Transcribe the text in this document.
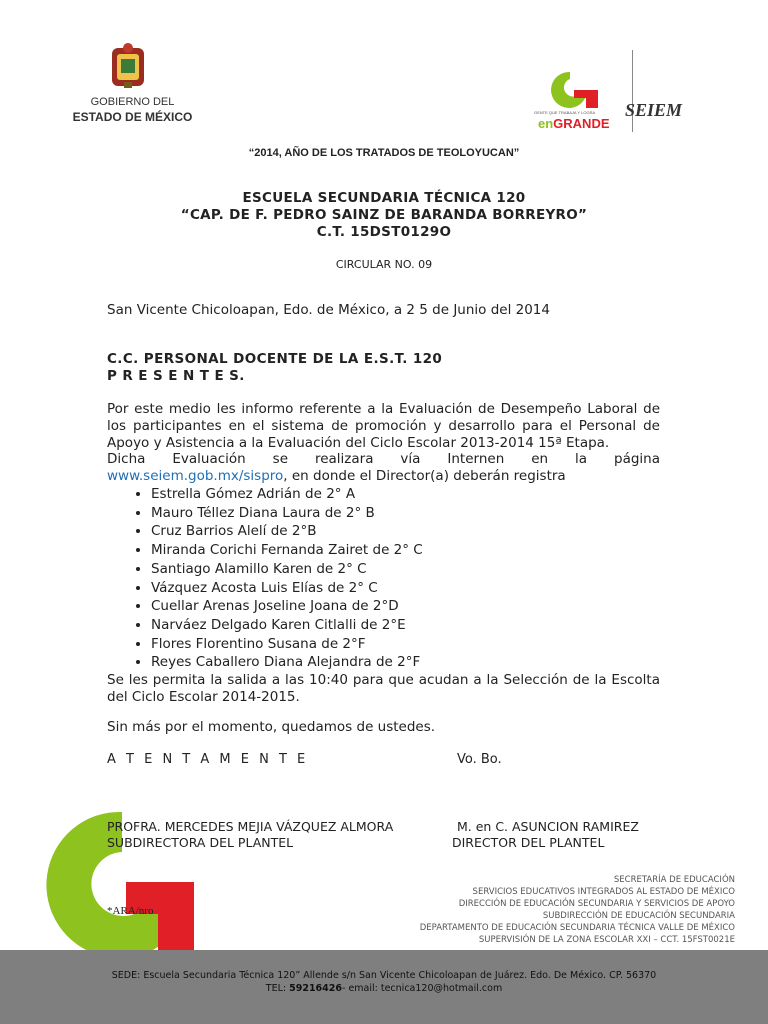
GOBIERNO DEL
ESTADO DE MÉXICO	GENTE QUE TRABAJA Y LOGRA
enGRANDE
SEIEM
“2014, AÑO DE LOS TRATADOS DE TEOLOYUCAN”
ESCUELA SECUNDARIA TÉCNICA 120
“CAP. DE F. PEDRO SAINZ DE BARANDA BORREYRO”
C.T. 15DST0129O
CIRCULAR NO. 09
San Vicente Chicoloapan, Edo. de México, a 2 5 de Junio del 2014
C.C. PERSONAL DOCENTE DE LA E.S.T. 120
P R E S E N T E S.

Por este medio les informo referente a la Evaluación de Desempeño Laboral de los participantes en el sistema de promoción y desarrollo para el Personal de Apoyo y Asistencia a la Evaluación del Ciclo Escolar 2013-2014 15ª Etapa.

Dicha Evaluación se realizara vía Internen en la página

www.seiem.gob.mx/sispro, en donde el Director(a) deberán registra

• Estrella Gómez Adrián de 2° A
• Mauro Téllez Diana Laura de 2° B
• Cruz Barrios Alelí de 2°B
• Miranda Corichi Fernanda Zairet de 2° C
• Santiago Alamillo Karen de 2° C
• Vázquez Acosta Luis Elías de 2° C
• Cuellar Arenas Joseline Joana de 2°D
• Narváez Delgado Karen Citlalli de 2°E
• Flores Florentino Susana de 2°F
• Reyes Caballero Diana Alejandra de 2°F

Se les permita la salida a las 10:40 para que acudan a la Selección de la Escolta del Ciclo Escolar 2014-2015.

Sin más por el momento, quedamos de ustedes.
A T E N T A M E N T E	Vo. Bo.
PROFRA. MERCEDES MEJIA VÁZQUEZ ALMORA
SUBDIRECTORA DEL PLANTEL
M. en C. ASUNCION RAMIREZ
DIRECTOR DEL PLANTEL
*ARA/nro
SECRETARÍA DE EDUCACIÓN
SERVICIOS EDUCATIVOS INTEGRADOS AL ESTADO DE MÉXICO
DIRECCIÓN DE EDUCACIÓN SECUNDARIA Y SERVICIOS DE APOYO
SUBDIRECCIÓN DE EDUCACIÓN SECUNDARIA
DEPARTAMENTO DE EDUCACIÓN SECUNDARIA TÉCNICA VALLE DE MÉXICO
SUPERVISIÓN DE LA ZONA ESCOLAR XXI – CCT. 15FST0021E
SEDE: Escuela Secundaria Técnica 120” Allende s/n San Vicente Chicoloapan de Juárez. Edo. De México. CP. 56370
TEL: 59216426- email: tecnica120@hotmail.com
